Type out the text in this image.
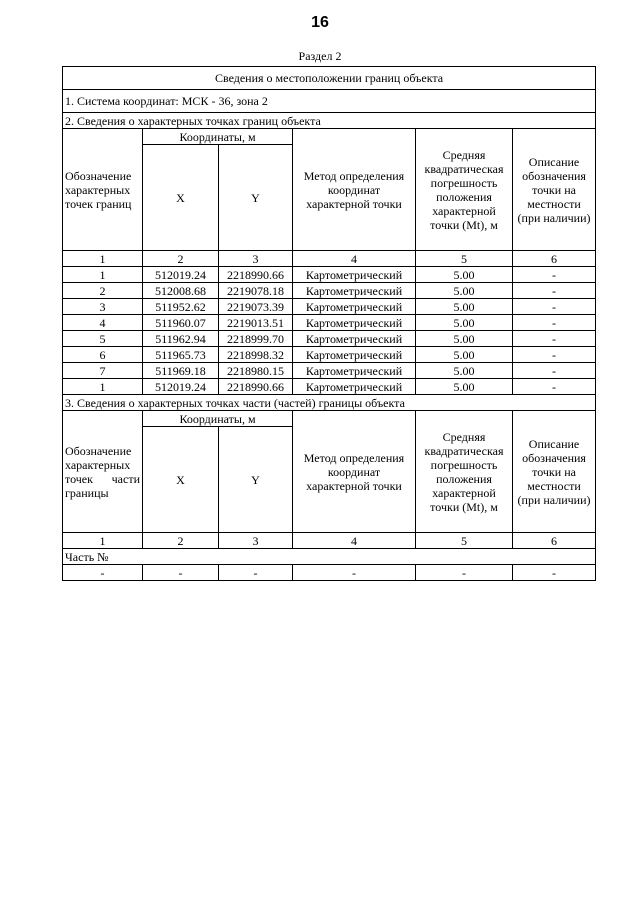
16
Раздел 2
Сведения о местоположении границ объекта					
1. Система координат: МСК - 36, зона 2					
2. Сведения о характерных точках границ объекта					
Обозначение характерных точек границ	Координаты, м		Метод определения координат характерной точки	Средняя квадратическая погрешность положения характерной точки (Mt), м	Описание обозначения точки на местности (при наличии)
	X	Y			
1	2	3	4	5	6
1	512019.24	2218990.66	Картометрический	5.00	-
2	512008.68	2219078.18	Картометрический	5.00	-
3	511952.62	2219073.39	Картометрический	5.00	-
4	511960.07	2219013.51	Картометрический	5.00	-
5	511962.94	2218999.70	Картометрический	5.00	-
6	511965.73	2218998.32	Картометрический	5.00	-
7	511969.18	2218980.15	Картометрический	5.00	-
1	512019.24	2218990.66	Картометрический	5.00	-
3. Сведения о характерных точках части (частей) границы объекта					
Обозначение характерных точек части границы	Координаты, м		Метод определения координат характерной точки	Средняя квадратическая погрешность положения характерной точки (Mt), м	Описание обозначения точки на местности (при наличии)
	X	Y			
1	2	3	4	5	6
Часть №					
-	-	-	-	-	-
